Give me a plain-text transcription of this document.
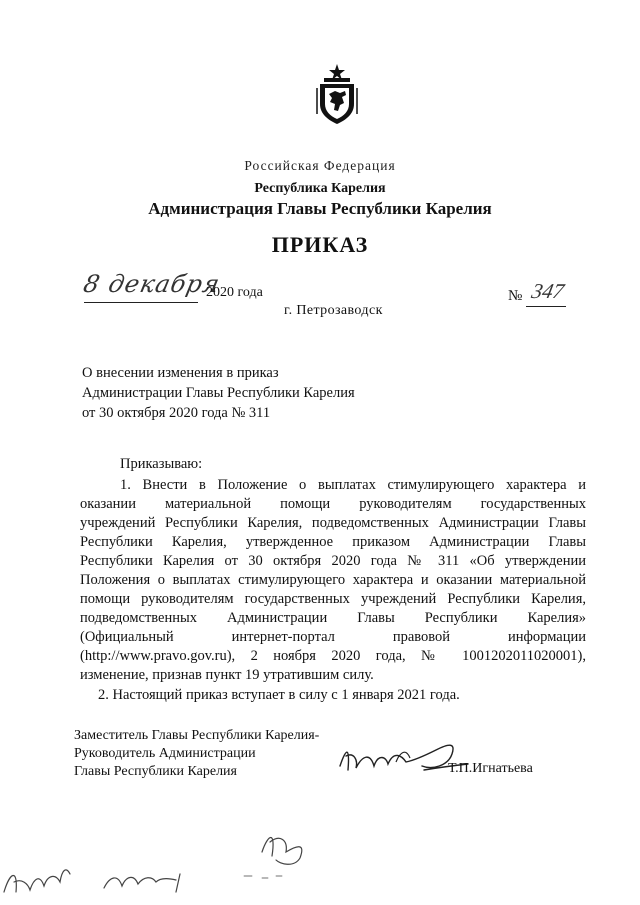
Российская Федерация
Республика Карелия
Администрация Главы Республики Карелия
ПРИКАЗ
8 декабря
2020 года	№ 347
г. Петрозаводск
О внесении изменения в приказ
Администрации Главы Республики Карелия
от 30 октября 2020 года № 311
Приказываю:
1. Внести в Положение о выплатах стимулирующего характера и
оказании материальной помощи руководителям государственных
учреждений Республики Карелия, подведомственных Администрации Главы
Республики Карелия, утвержденное приказом Администрации Главы
Республики Карелия от 30 октября 2020 года № 311 «Об утверждении
Положения о выплатах стимулирующего характера и оказании материальной
помощи руководителям государственных учреждений Республики Карелия,
подведомственных Администрации Главы Республики Карелия»
(Официальный интернет-портал правовой информации
(http://www.pravo.gov.ru), 2 ноября 2020 года, № 1001202011020001),
изменение, признав пункт 19 утратившим силу.
2. Настоящий приказ вступает в силу с 1 января 2021 года.
Заместитель Главы Республики Карелия-
Руководитель Администрации
Главы Республики Карелия	Т.П.Игнатьева
